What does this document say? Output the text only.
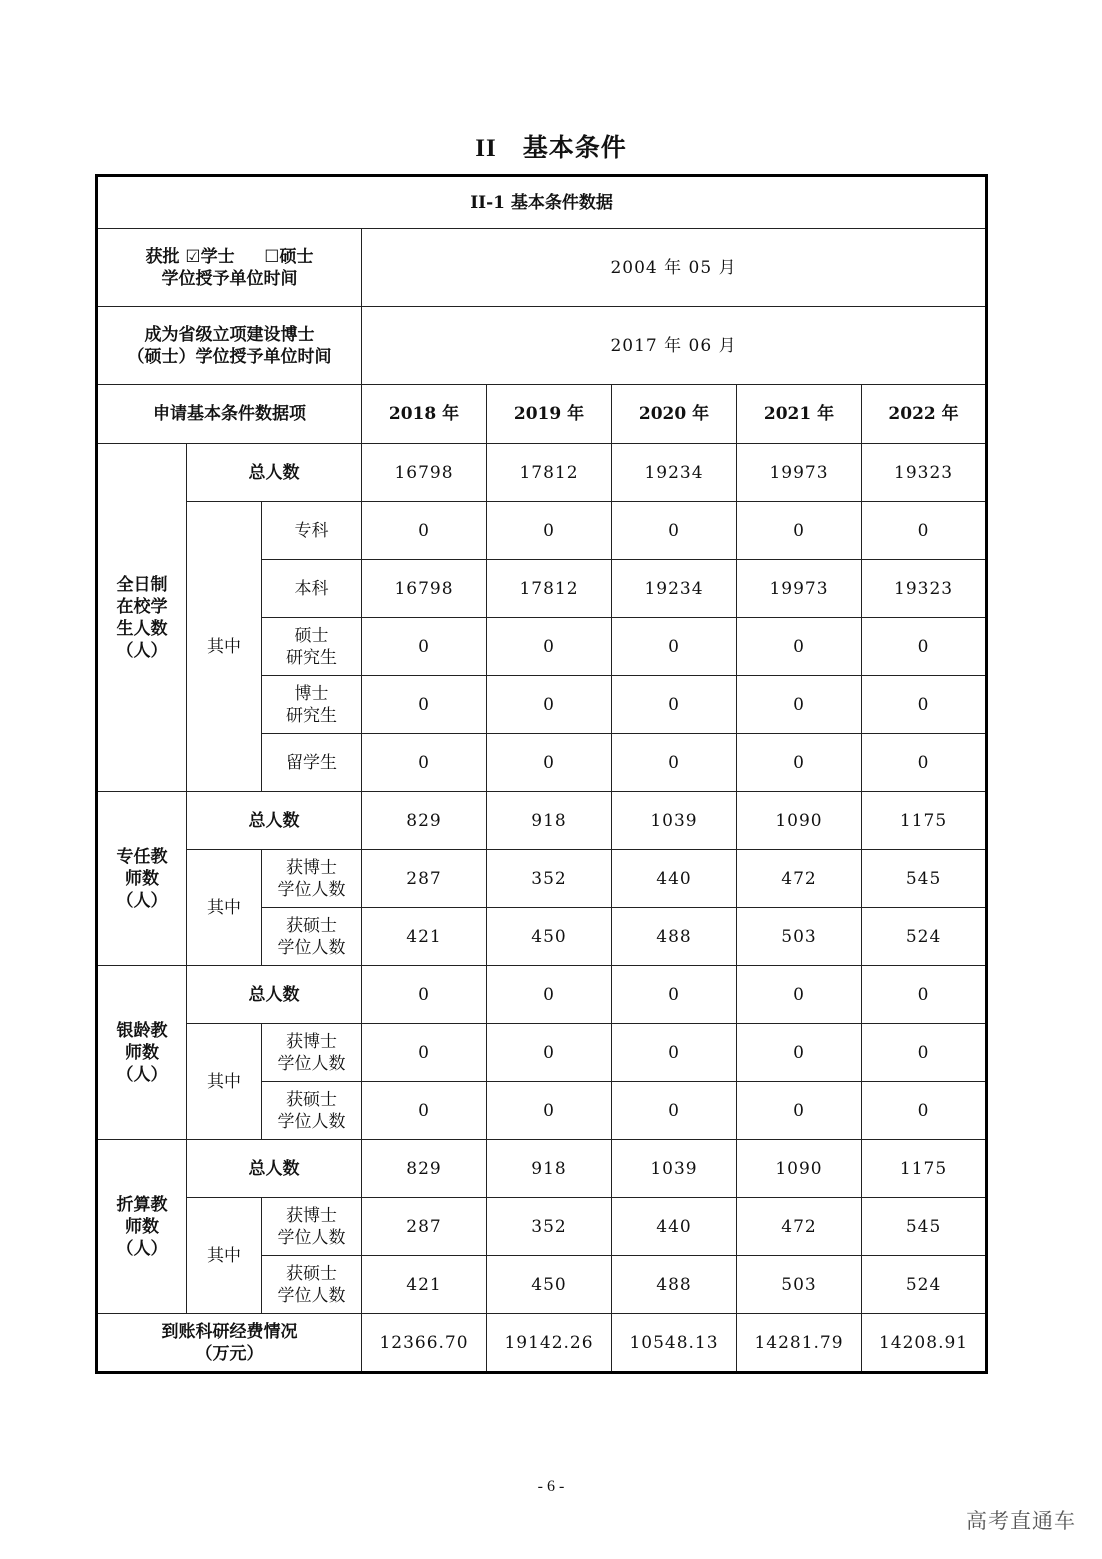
II 基本条件
II-1 基本条件数据							

获批 ☑学士 ☐硕士
学位授予单位时间			2004 年 05 月				

成为省级立项建设博士
（硕士）学位授予单位时间			2017 年 06 月				
申请基本条件数据项			2018 年	2019 年	2020 年	2021 年	2022 年

全日制
在校学
生人数
（人）	总人数		16798	17812	19234	19973	19323
	其中	专科	0	0	0	0	0

		本科	16798	17812	19234	19973	19323

		硕士
研究生	0	0	0	0	0

		博士
研究生	0	0	0	0	0

		留学生	0	0	0	0	0

专任教
师数
（人）	总人数		829	918	1039	1090	1175
	其中	获博士
学位人数	287	352	440	472	545

		获硕士
学位人数	421	450	488	503	524

银龄教
师数
（人）	总人数		0	0	0	0	0
	其中	获博士
学位人数	0	0	0	0	0

		获硕士
学位人数	0	0	0	0	0

折算教
师数
（人）	总人数		829	918	1039	1090	1175
	其中	获博士
学位人数	287	352	440	472	545

		获硕士
学位人数	421	450	488	503	524

到账科研经费情况
（万元）			12366.70	19142.26	10548.13	14281.79	14208.91
- 6 -
高考直通车
